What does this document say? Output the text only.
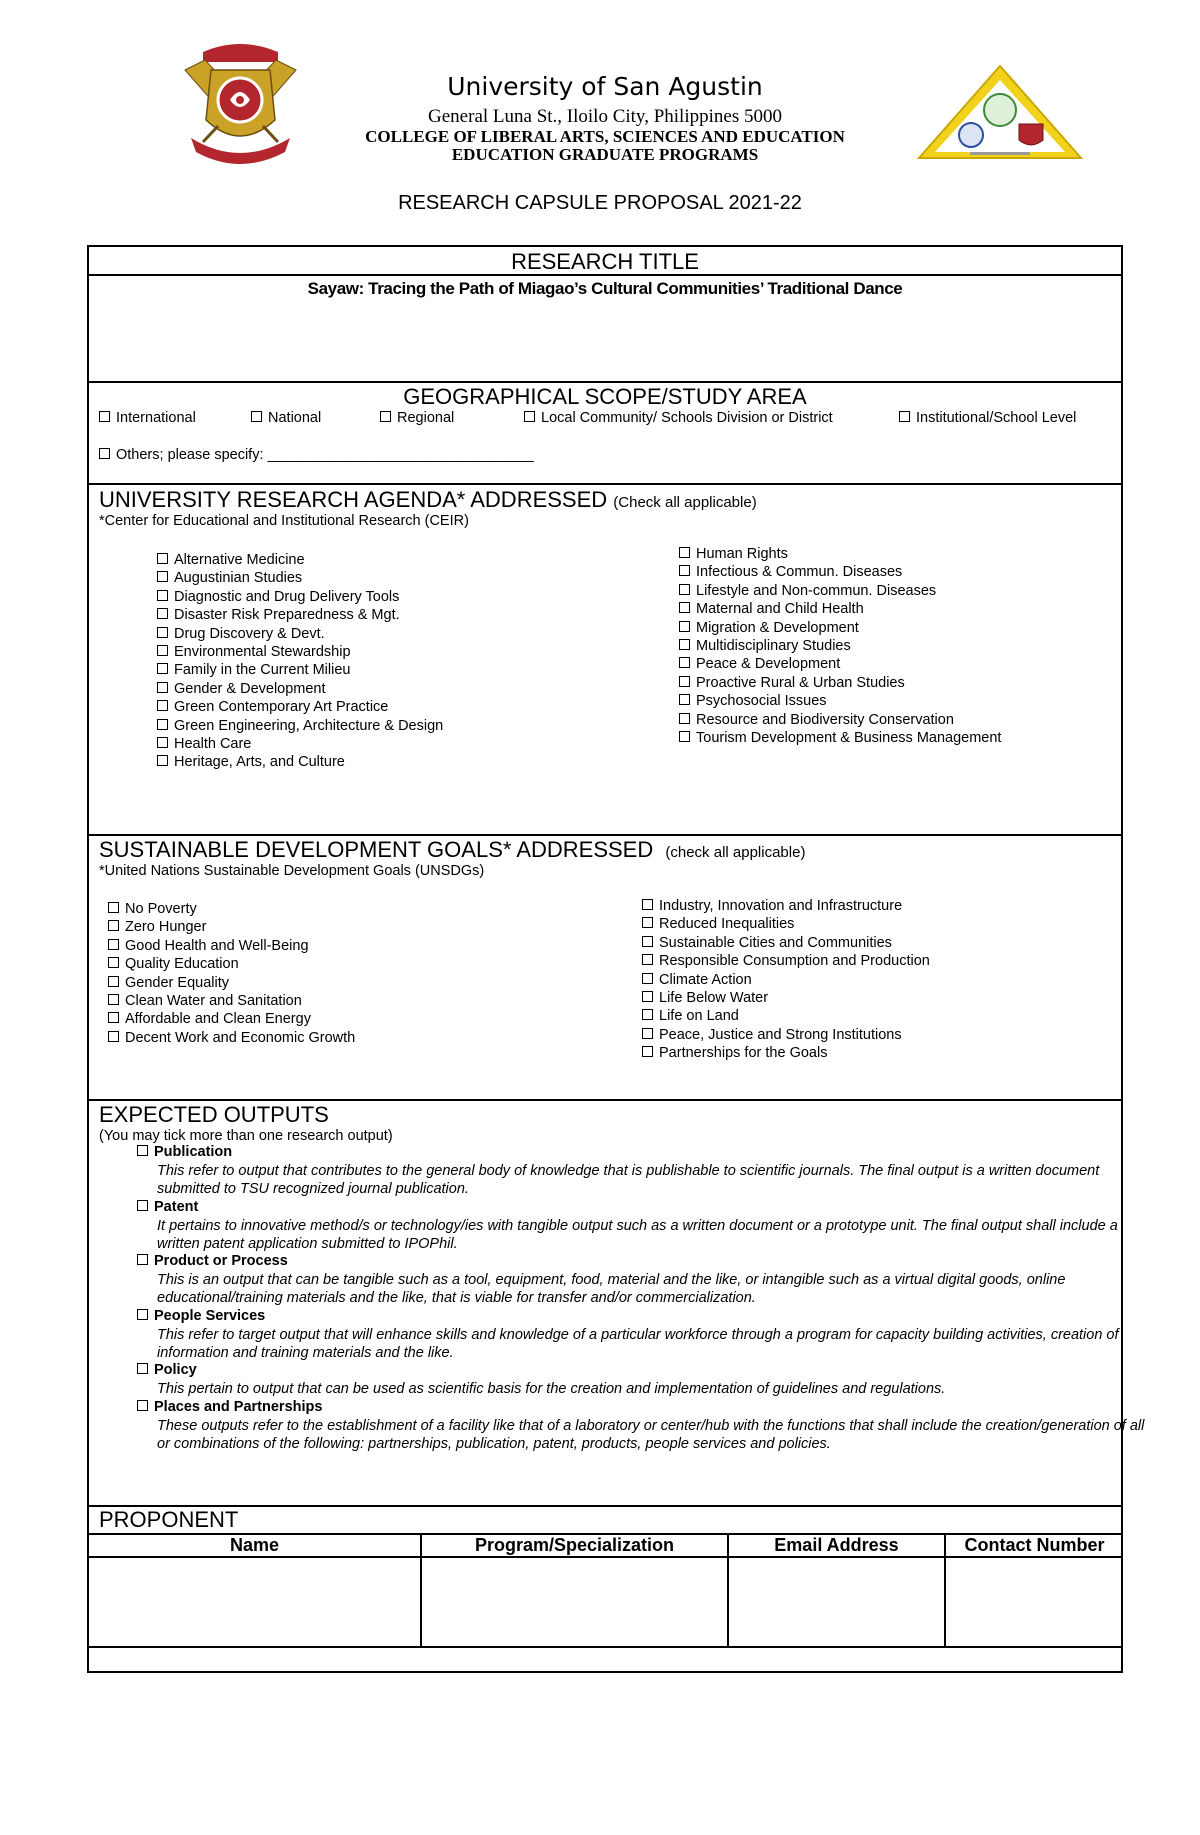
University of San Agustin
General Luna St., Iloilo City, Philippines 5000
COLLEGE OF LIBERAL ARTS, SCIENCES AND EDUCATION
EDUCATION GRADUATE PROGRAMS
RESEARCH CAPSULE PROPOSAL 2021-22
RESEARCH TITLE
Sayaw: Tracing the Path of Miagao’s Cultural Communities’ Traditional Dance
GEOGRAPHICAL SCOPE/STUDY AREA
International	National	Regional	Local Community/ Schools Division or District	Institutional/School Level
Others; please specify: _________________________________
UNIVERSITY RESEARCH AGENDA* ADDRESSED (Check all applicable)
*Center for Educational and Institutional Research (CEIR)
Alternative Medicine
Augustinian Studies
Diagnostic and Drug Delivery Tools
Disaster Risk Preparedness & Mgt.
Drug Discovery & Devt.
Environmental Stewardship
Family in the Current Milieu
Gender & Development
Green Contemporary Art Practice
Green Engineering, Architecture & Design
Health Care
Heritage, Arts, and Culture
Human Rights
Infectious & Commun. Diseases
Lifestyle and Non-commun. Diseases
Maternal and Child Health
Migration & Development
Multidisciplinary Studies
Peace & Development
Proactive Rural & Urban Studies
Psychosocial Issues
Resource and Biodiversity Conservation
Tourism Development & Business Management
SUSTAINABLE DEVELOPMENT GOALS* ADDRESSED (check all applicable)
*United Nations Sustainable Development Goals (UNSDGs)
No Poverty
Zero Hunger
Good Health and Well-Being
Quality Education
Gender Equality
Clean Water and Sanitation
Affordable and Clean Energy
Decent Work and Economic Growth
Industry, Innovation and Infrastructure
Reduced Inequalities
Sustainable Cities and Communities
Responsible Consumption and Production
Climate Action
Life Below Water
Life on Land
Peace, Justice and Strong Institutions
Partnerships for the Goals
EXPECTED OUTPUTS
(You may tick more than one research output)
Publication
This refer to output that contributes to the general body of knowledge that is publishable to scientific journals. The final output is a written document submitted to TSU recognized journal publication.
Patent
It pertains to innovative method/s or technology/ies with tangible output such as a written document or a prototype unit. The final output shall include a written patent application submitted to IPOPhil.
Product or Process
This is an output that can be tangible such as a tool, equipment, food, material and the like, or intangible such as a virtual digital goods, online educational/training materials and the like, that is viable for transfer and/or commercialization.
People Services
This refer to target output that will enhance skills and knowledge of a particular workforce through a program for capacity building activities, creation of information and training materials and the like.
Policy
This pertain to output that can be used as scientific basis for the creation and implementation of guidelines and regulations.
Places and Partnerships
These outputs refer to the establishment of a facility like that of a laboratory or center/hub with the functions that shall include the creation/generation of all or combinations of the following: partnerships, publication, patent, products, people services and policies.
PROPONENT
Name	Program/Specialization	Email Address	Contact Number
